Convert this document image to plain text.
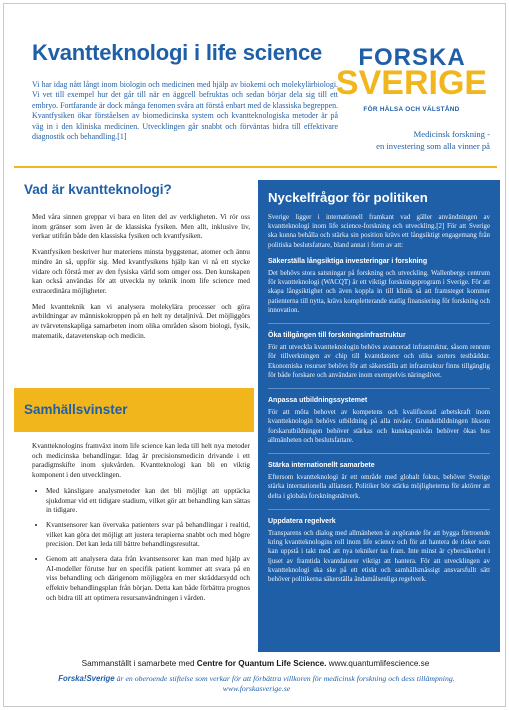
Kvantteknologi i life science
Vi har idag nått långt inom biologin och medicinen med hjälp av biokemi och molekylärbiologi. Vi vet till exempel hur det går till när en äggcell befruktas och sedan börjar dela sig till ett embryo. Fortfarande är dock många fenomen svåra att förstå enbart med de klassiska begreppen. Kvantfysiken ökar förståelsen av biomedicinska system och kvantteknologiska metoder är på väg in i den kliniska medicinen. Utvecklingen går snabbt och förväntas bidra till effektivare diagnostik och behandling.[1]
FORSKA
SVERIGE
FÖR HÄLSA OCH VÄLSTÅND
Medicinsk forskning -
en investering som alla vinner på
Vad är kvantteknologi?

Med våra sinnen greppar vi bara en liten del av verkligheten. Vi rör oss inom gränser som även är de klassiska fysiken. Men allt, inklusive liv, verkar utifrån både den klassiska fysiken och kvantfysiken.

Kvantfysiken beskriver hur materiens minsta byggstenar, atomer och ännu mindre än så, uppför sig. Med kvantfysikens hjälp kan vi nå ett stycke vidare och förstå mer av den fysiska värld som omger oss. Den kunskapen kan också användas för att utveckla ny teknik inom life science med extraordinära möjligheter.

Med kvantteknik kan vi analysera molekylära processer och göra avbildningar av människokroppen på en helt ny detaljnivå. Det möjliggörs av tvärvetenskapliga samarbeten inom olika områden såsom biologi, fysik, matematik, datavetenskap och medicin.

Samhällsvinster

Kvantteknologins framväxt inom life science kan leda till helt nya metoder och medicinska behandlingar. Idag är precisionsmedicin drivande i ett paradigmskifte inom sjukvården. Kvantteknologi kan bli en viktig komponent i den utvecklingen.

• Med känsligare analysmetoder kan det bli möjligt att upptäcka sjukdomar vid ett tidigare stadium, vilket gör att behandling kan sättas in tidigare.
• Kvantsensorer kan övervaka patienters svar på behandlingar i realtid, vilket kan göra det möjligt att justera terapierna snabbt och med högre precision. Det kan leda till bättre behandlingsresultat.
• Genom att analysera data från kvantsensorer kan man med hjälp av AI-modeller förutse hur en specifik patient kommer att svara på en viss behandling och därigenom möjliggöra en mer skräddarsydd och effektiv behandlingsplan från början. Detta kan både förbättra prognos och bidra till att optimera resursanvändningen i vården.
Nyckelfrågor för politiken
Sverige ligger i internationell framkant vad gäller användningen av kvantteknologi inom life science-forskning och utveckling.[2] För att Sverige ska kunna behålla och stärka sin position krävs ett långsiktigt engagemang från politiska beslutsfattare, bland annat i form av att:
Säkerställa långsiktiga investeringar i forskning
Det behövs stora satsningar på forskning och utveckling. Wallenbergs centrum för kvantteknologi (WACQT) är ett viktigt forskningsprogram i Sverige. För att skapa långsiktighet och även koppla in till klinik så att framsteget kommer patienterna till nytta, krävs kompletterande statlig finansiering för forskning och innovation.
Öka tillgången till forskningsinfrastruktur
För att utveckla kvantteknologin behövs avancerad infrastruktur, såsom renrum för tillverkningen av chip till kvantdatorer och olika sorters testbäddar. Ekonomiska resurser behövs för att säkerställa att infrastruktur finns tillgänglig för både forskare och användare inom exempelvis näringslivet.
Anpassa utbildningssystemet
För att möta behovet av kompetens och kvalificerad arbetskraft inom kvantteknologin behövs utbildning på alla nivåer. Grundutbildningen liksom forskarutbildningen behöver stärkas och kunskapsnivån behöver ökas hos allmänheten och beslutsfattare.
Stärka internationellt samarbete
Eftersom kvantteknologi är ett område med globalt fokus, behöver Sverige stärka internationella allianser. Politiker bör stärka möjligheterna för aktörer att delta i globala forskningsnätverk.
Uppdatera regelverk
Transparens och dialog med allmänheten är avgörande för att bygga förtroende kring kvantteknologins roll inom life science och för att hantera de risker som kan uppstå i takt med att nya tekniker tas fram. Inte minst är cybersäkerhet i ljuset av framtida kvantdatorer viktigt att hantera. För att utvecklingen av kvantteknologi ska ske på ett etiskt och samhällsmässigt ansvarsfullt sätt behöver politikerna säkerställa ändamålsenliga regelverk.
Sammanställt i samarbete med Centre for Quantum Life Science. www.quantumlifescience.se
Forska!Sverige är en oberoende stiftelse som verkar för att förbättra villkoren för medicinsk forskning och dess tillämpning. www.forskasverige.se
